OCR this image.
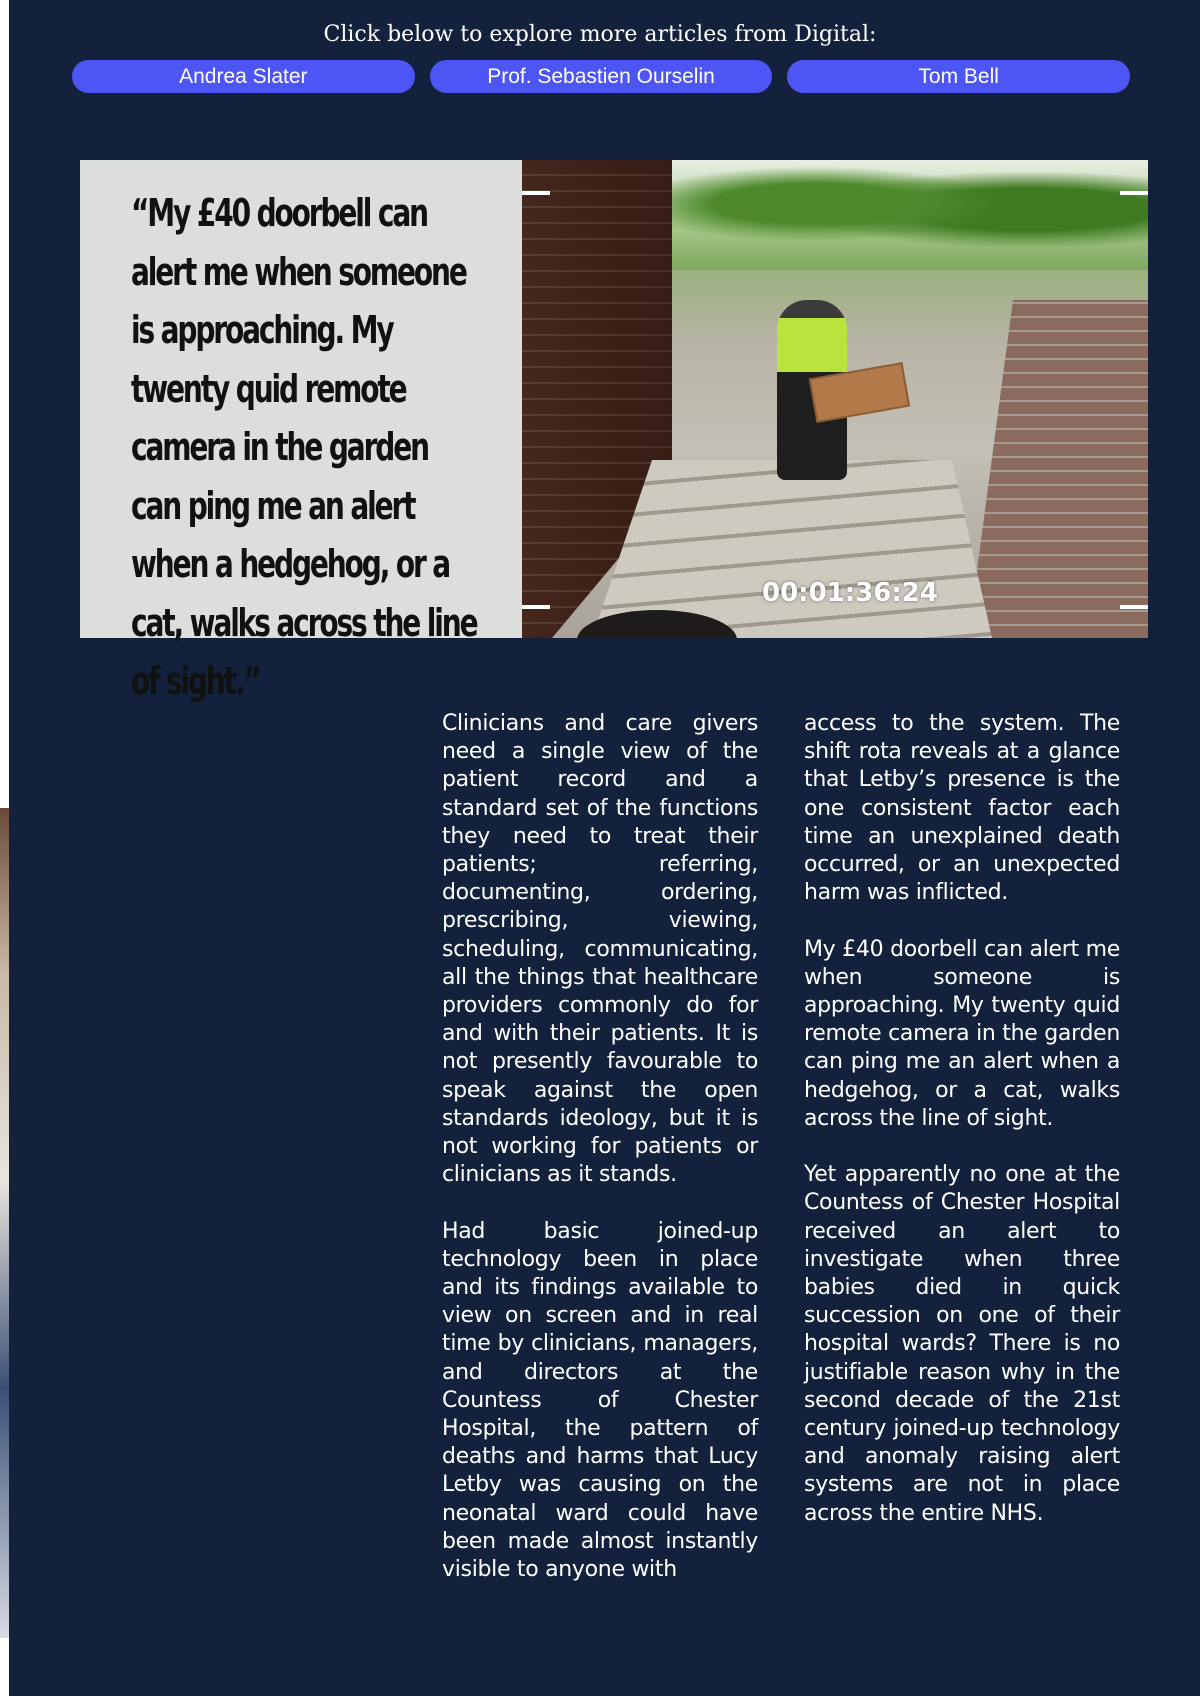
Click below to explore more articles from Digital:
Andrea Slater	Prof. Sebastien Ourselin	Tom Bell
“My £40 doorbell can alert me when someone is approaching. My twenty quid remote camera in the garden can ping me an alert when a hedgehog, or a cat, walks across the line of sight.”
00:01:36:24

Clinicians and care givers need a single view of the patient record and a standard set of the functions they need to treat their patients; referring, documenting, ordering, prescribing, viewing, scheduling, communicating, all the things that healthcare providers commonly do for and with their patients. It is not presently favourable to speak against the open standards ideology, but it is not working for patients or clinicians as it stands.

Had basic joined-up technology been in place and its findings available to view on screen and in real time by clinicians, managers, and directors at the Countess of Chester Hospital, the pattern of deaths and harms that Lucy Letby was causing on the neonatal ward could have been made almost instantly visible to anyone with

access to the system. The shift rota reveals at a glance that Letby’s presence is the one consistent factor each time an unexplained death occurred, or an unexpected harm was inflicted.

My £40 doorbell can alert me when someone is approaching. My twenty quid remote camera in the garden can ping me an alert when a hedgehog, or a cat, walks across the line of sight.

Yet apparently no one at the Countess of Chester Hospital received an alert to investigate when three babies died in quick succession on one of their hospital wards? There is no justifiable reason why in the second decade of the 21st century joined-up technology and anomaly raising alert systems are not in place across the entire NHS.
